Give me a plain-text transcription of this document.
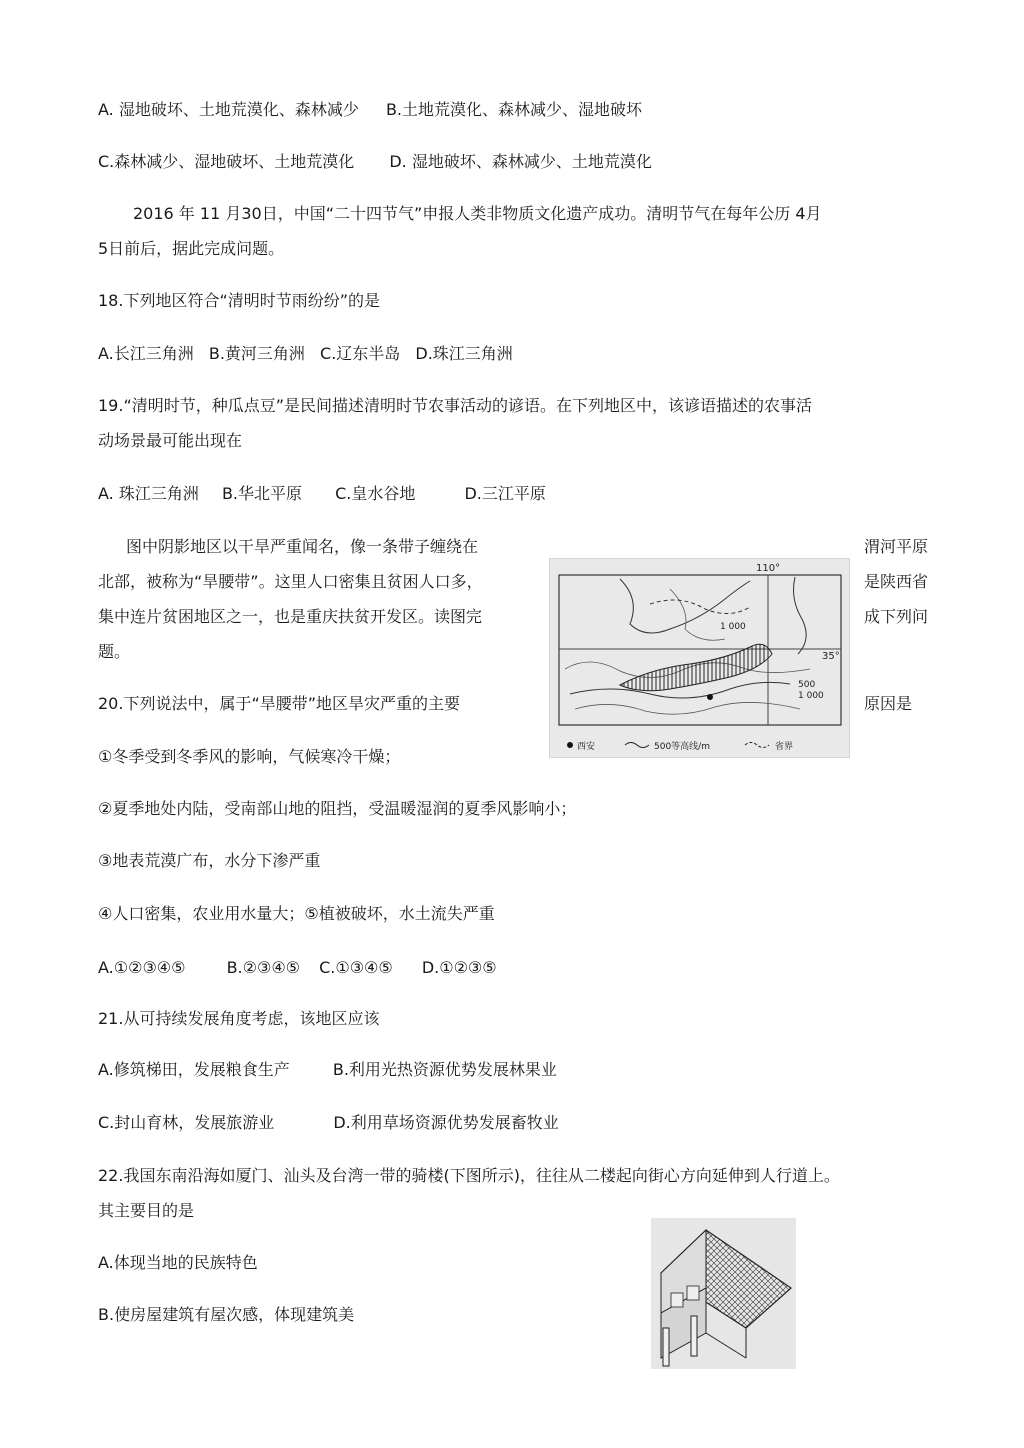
A. 湿地破坏、土地荒漠化、森林减少 B.土地荒漠化、森林减少、湿地破坏
C.森林减少、湿地破坏、土地荒漠化 D. 湿地破坏、森林减少、土地荒漠化
2016 年 11 月30日，中国“二十四节气”申报人类非物质文化遗产成功。清明节气在每年公历 4月
5日前后，据此完成问题。
18.下列地区符合“清明时节雨纷纷”的是
A.长江三角洲 B.黄河三角洲 C.辽东半岛 D.珠江三角洲
19.“清明时节，种瓜点豆”是民间描述清明时节农事活动的谚语。在下列地区中，该谚语描述的农事活
动场景最可能出现在
A. 珠江三角洲 B.华北平原 C.皇水谷地	D.三江平原
图中阴影地区以干旱严重闻名，像一条带子缠绕在
北部，被称为“旱腰带”。这里人口密集且贫困人口多，
集中连片贫困地区之一，也是重庆扶贫开发区。读图完
题。
渭河平原
是陕西省
成下列问
110°
35°
1 000
500
1 000
西安	500等高线/m	省界
20.下列说法中，属于“旱腰带”地区旱灾严重的主要	原因是
①冬季受到冬季风的影响，气候寒冷干燥；
②夏季地处内陆，受南部山地的阻挡，受温暖湿润的夏季风影响小；
③地表荒漠广布，水分下渗严重
④人口密集，农业用水量大；⑤植被破坏，水土流失严重
A.①②③④⑤	B.②③④⑤ C.①③④⑤ D.①②③⑤
21.从可持续发展角度考虑，该地区应该
A.修筑梯田，发展粮食生产	B.利用光热资源优势发展林果业
C.封山育林，发展旅游业	D.利用草场资源优势发展畜牧业
22.我国东南沿海如厦门、汕头及台湾一带的骑楼(下图所示)，往往从二楼起向街心方向延伸到人行道上。
其主要目的是
A.体现当地的民族特色
B.使房屋建筑有屋次感，体现建筑美
